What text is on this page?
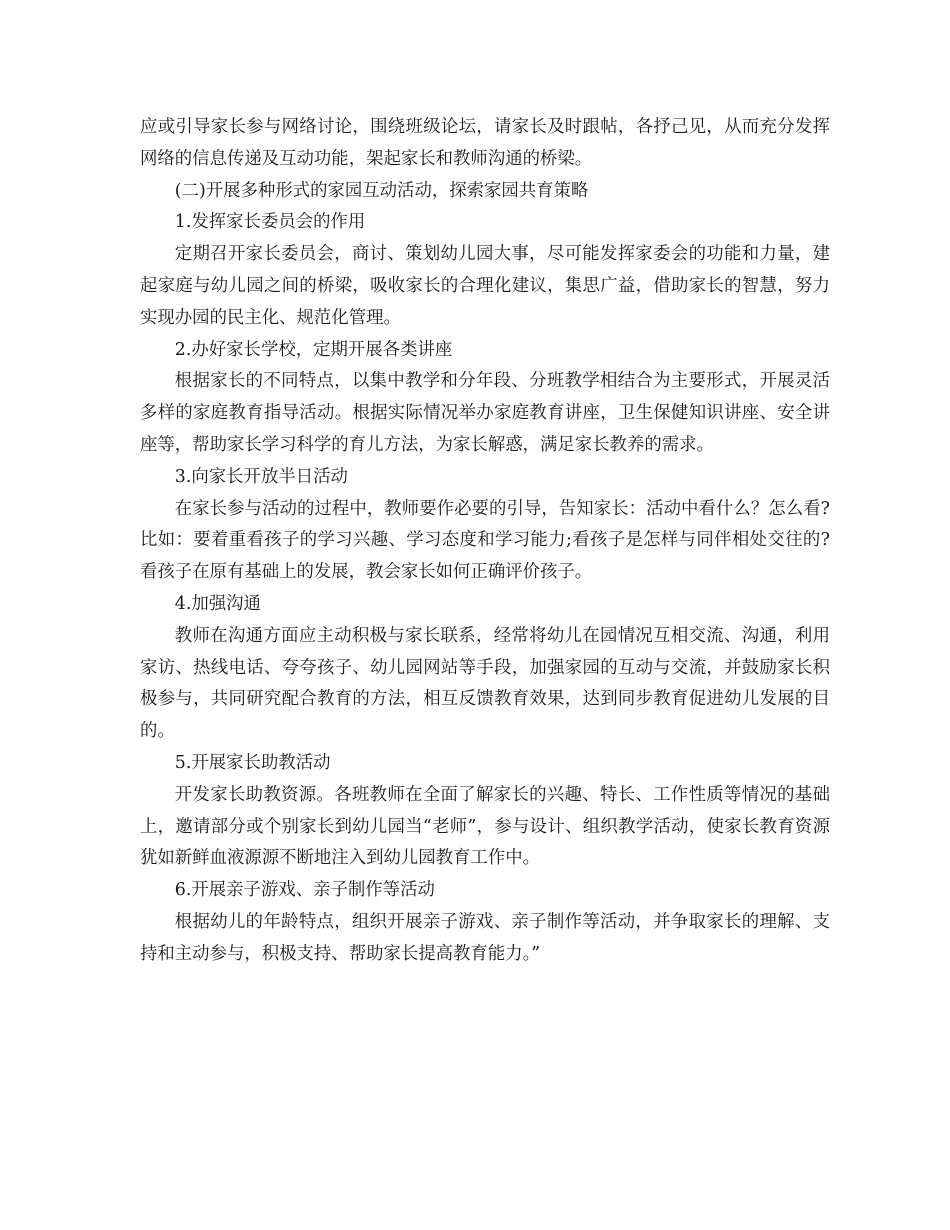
应或引导家长参与网络讨论，围绕班级论坛，请家长及时跟帖，各抒己见，从而充分发挥网络的信息传递及互动功能，架起家长和教师沟通的桥梁。

(二)开展多种形式的家园互动活动，探索家园共育策略

1.发挥家长委员会的作用

定期召开家长委员会，商讨、策划幼儿园大事，尽可能发挥家委会的功能和力量，建起家庭与幼儿园之间的桥梁，吸收家长的合理化建议，集思广益，借助家长的智慧，努力实现办园的民主化、规范化管理。

2.办好家长学校，定期开展各类讲座

根据家长的不同特点，以集中教学和分年段、分班教学相结合为主要形式，开展灵活多样的家庭教育指导活动。根据实际情况举办家庭教育讲座，卫生保健知识讲座、安全讲座等，帮助家长学习科学的育儿方法，为家长解惑，满足家长教养的需求。

3.向家长开放半日活动

在家长参与活动的过程中，教师要作必要的引导，告知家长：活动中看什么？怎么看?比如：要着重看孩子的学习兴趣、学习态度和学习能力;看孩子是怎样与同伴相处交往的?看孩子在原有基础上的发展，教会家长如何正确评价孩子。

4.加强沟通

教师在沟通方面应主动积极与家长联系，经常将幼儿在园情况互相交流、沟通，利用家访、热线电话、夸夸孩子、幼儿园网站等手段，加强家园的互动与交流，并鼓励家长积极参与，共同研究配合教育的方法，相互反馈教育效果，达到同步教育促进幼儿发展的目的。

5.开展家长助教活动

开发家长助教资源。各班教师在全面了解家长的兴趣、特长、工作性质等情况的基础上，邀请部分或个别家长到幼儿园当“老师”，参与设计、组织教学活动，使家长教育资源犹如新鲜血液源源不断地注入到幼儿园教育工作中。

6.开展亲子游戏、亲子制作等活动

根据幼儿的年龄特点，组织开展亲子游戏、亲子制作等活动，并争取家长的理解、支持和主动参与，积极支持、帮助家长提高教育能力。”
